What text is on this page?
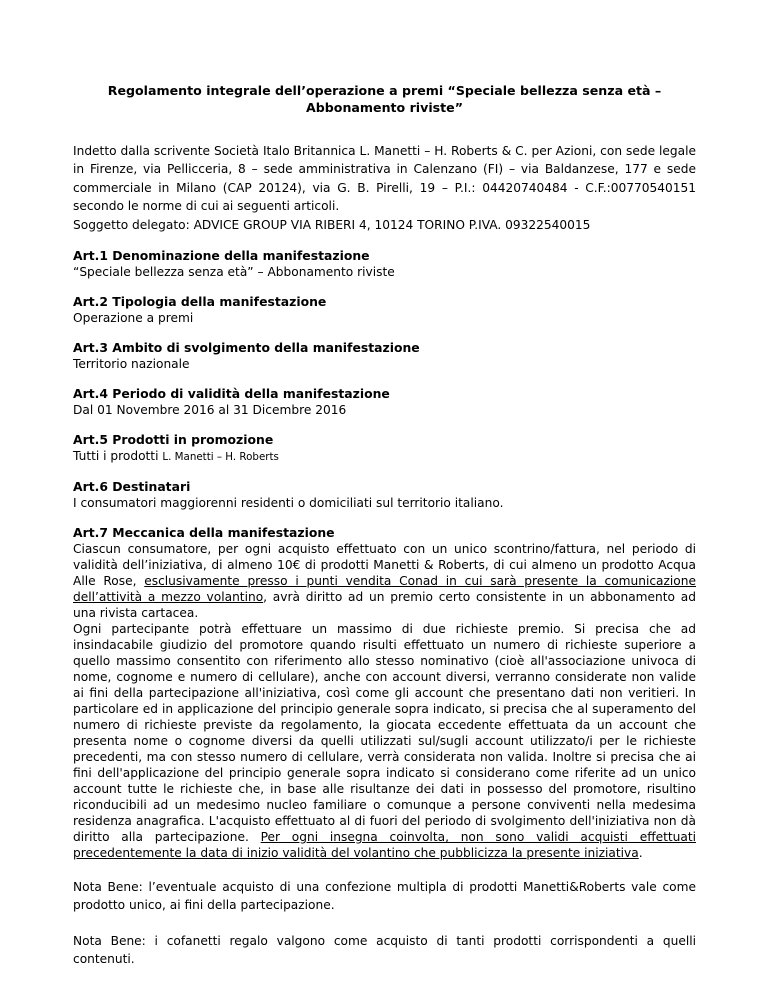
Regolamento integrale dell’operazione a premi “Speciale bellezza senza età – Abbonamento riviste”

Indetto dalla scrivente Società Italo Britannica L. Manetti – H. Roberts & C. per Azioni, con sede legale in Firenze, via Pellicceria, 8 – sede amministrativa in Calenzano (FI) – via Baldanzese, 177 e sede commerciale in Milano (CAP 20124), via G. B. Pirelli, 19 – P.I.: 04420740484 - C.F.:00770540151 secondo le norme di cui ai seguenti articoli.

Soggetto delegato: ADVICE GROUP VIA RIBERI 4, 10124 TORINO P.IVA. 09322540015

Art.1 Denominazione della manifestazione

“Speciale bellezza senza età” – Abbonamento riviste

Art.2 Tipologia della manifestazione

Operazione a premi

Art.3 Ambito di svolgimento della manifestazione

Territorio nazionale

Art.4 Periodo di validità della manifestazione

Dal 01 Novembre 2016 al 31 Dicembre 2016

Art.5 Prodotti in promozione

Tutti i prodotti L. Manetti – H. Roberts

Art.6 Destinatari

I consumatori maggiorenni residenti o domiciliati sul territorio italiano.

Art.7 Meccanica della manifestazione

Ciascun consumatore, per ogni acquisto effettuato con un unico scontrino/fattura, nel periodo di validità dell’iniziativa, di almeno 10€ di prodotti Manetti & Roberts, di cui almeno un prodotto Acqua Alle Rose, esclusivamente presso i punti vendita Conad in cui sarà presente la comunicazione dell’attività a mezzo volantino, avrà diritto ad un premio certo consistente in un abbonamento ad una rivista cartacea.

Ogni partecipante potrà effettuare un massimo di due richieste premio. Si precisa che ad insindacabile giudizio del promotore quando risulti effettuato un numero di richieste superiore a quello massimo consentito con riferimento allo stesso nominativo (cioè all'associazione univoca di nome, cognome e numero di cellulare), anche con account diversi, verranno considerate non valide ai fini della partecipazione all'iniziativa, così come gli account che presentano dati non veritieri. In particolare ed in applicazione del principio generale sopra indicato, si precisa che al superamento del numero di richieste previste da regolamento, la giocata eccedente effettuata da un account che presenta nome o cognome diversi da quelli utilizzati sul/sugli account utilizzato/i per le richieste precedenti, ma con stesso numero di cellulare, verrà considerata non valida. Inoltre si precisa che ai fini dell'applicazione del principio generale sopra indicato si considerano come riferite ad un unico account tutte le richieste che, in base alle risultanze dei dati in possesso del promotore, risultino riconducibili ad un medesimo nucleo familiare o comunque a persone conviventi nella medesima residenza anagrafica. L'acquisto effettuato al di fuori del periodo di svolgimento dell'iniziativa non dà diritto alla partecipazione. Per ogni insegna coinvolta, non sono validi acquisti effettuati precedentemente la data di inizio validità del volantino che pubblicizza la presente iniziativa.

Nota Bene: l’eventuale acquisto di una confezione multipla di prodotti Manetti&Roberts vale come prodotto unico, ai fini della partecipazione.

Nota Bene: i cofanetti regalo valgono come acquisto di tanti prodotti corrispondenti a quelli contenuti.
